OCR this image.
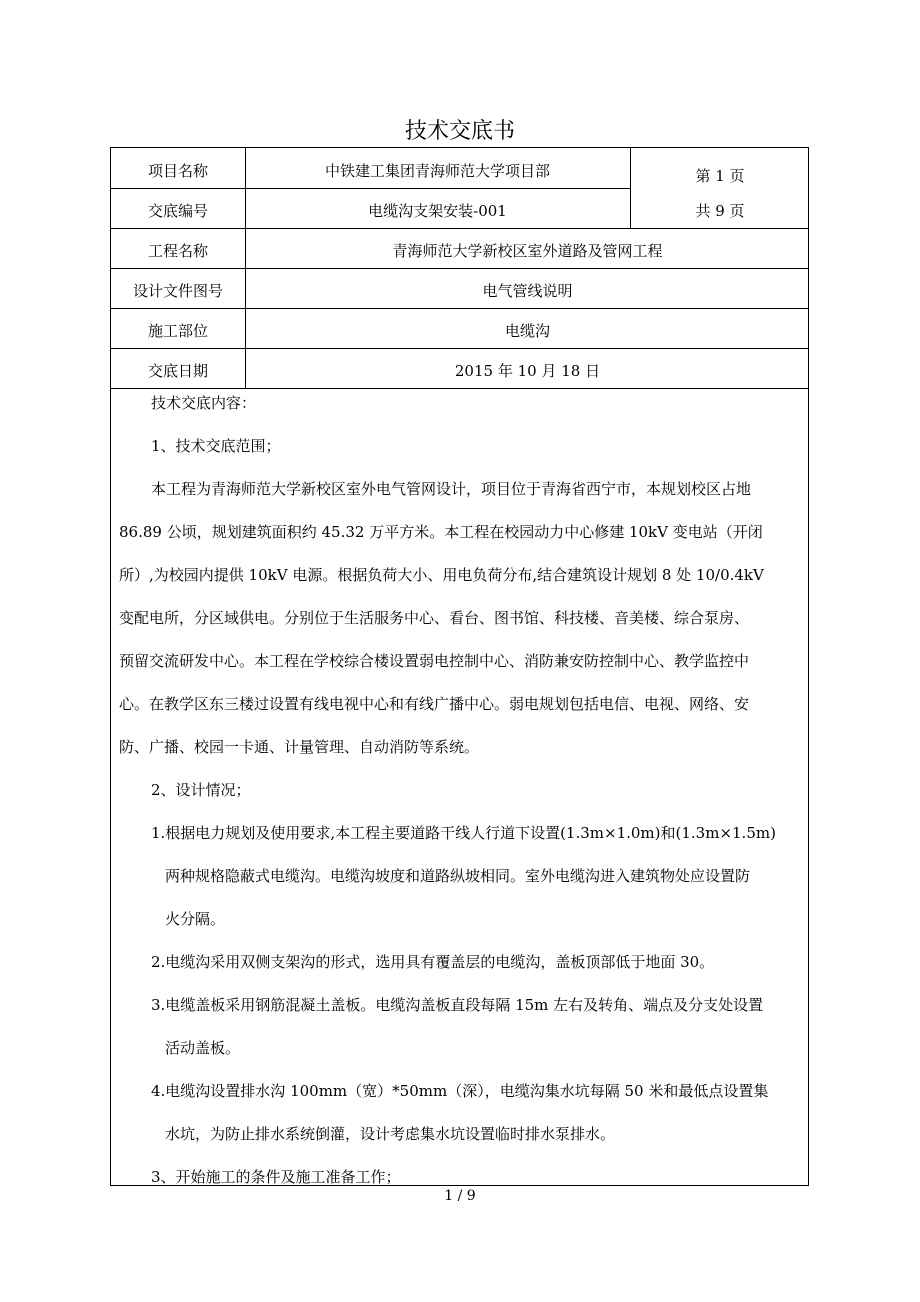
技术交底书
项目名称	中铁建工集团青海师范大学项目部	第 1 页
交底编号	电缆沟支架安装-001	共 9 页
工程名称	青海师范大学新校区室外道路及管网工程
设计文件图号	电气管线说明
施工部位	电缆沟
交底日期	2015 年 10 月 18 日
技术交底内容：
1、技术交底范围；
本工程为青海师范大学新校区室外电气管网设计，项目位于青海省西宁市，本规划校区占地
86.89 公顷，规划建筑面积约 45.32 万平方米。本工程在校园动力中心修建 10kV 变电站（开闭
所）,为校园内提供 10kV 电源。根据负荷大小、用电负荷分布,结合建筑设计规划 8 处 10/0.4kV
变配电所，分区域供电。分别位于生活服务中心、看台、图书馆、科技楼、音美楼、综合泵房、
预留交流研发中心。本工程在学校综合楼设置弱电控制中心、消防兼安防控制中心、教学监控中
心。在教学区东三楼过设置有线电视中心和有线广播中心。弱电规划包括电信、电视、网络、安
防、广播、校园一卡通、计量管理、自动消防等系统。
2、设计情况；
1.根据电力规划及使用要求,本工程主要道路干线人行道下设置(1.3m×1.0m)和(1.3m×1.5m)
两种规格隐蔽式电缆沟。电缆沟坡度和道路纵坡相同。室外电缆沟进入建筑物处应设置防
火分隔。
2.电缆沟采用双侧支架沟的形式，选用具有覆盖层的电缆沟，盖板顶部低于地面 30。
3.电缆盖板采用钢筋混凝土盖板。电缆沟盖板直段每隔 15m 左右及转角、端点及分支处设置
活动盖板。
4.电缆沟设置排水沟 100mm（宽）*50mm（深），电缆沟集水坑每隔 50 米和最低点设置集
水坑，为防止排水系统倒灌，设计考虑集水坑设置临时排水泵排水。
3、开始施工的条件及施工准备工作；
1 / 9
